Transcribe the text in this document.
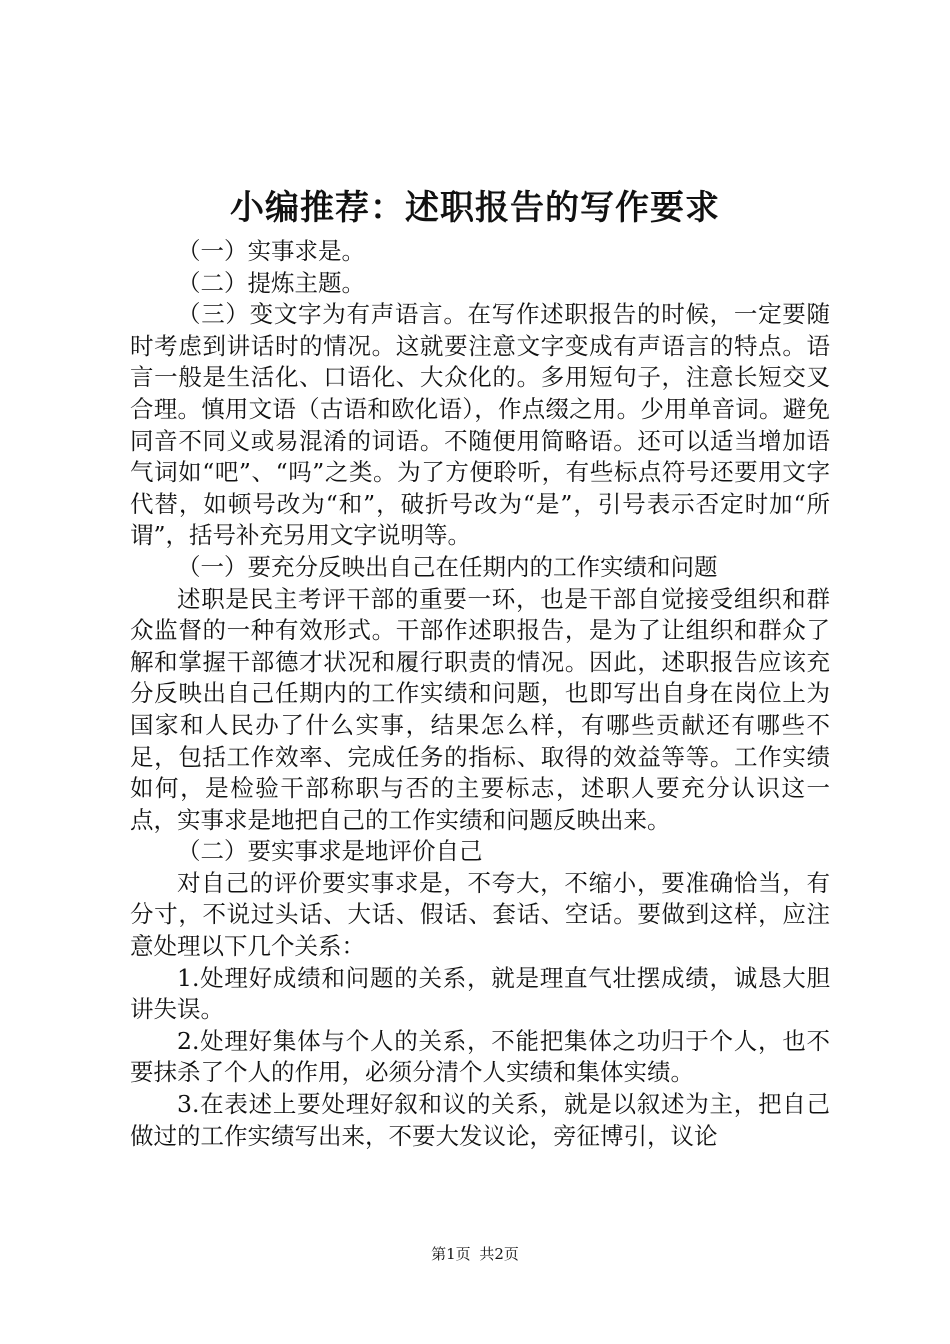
小编推荐：述职报告的写作要求

（一）实事求是。

（二）提炼主题。

（三）变文字为有声语言。在写作述职报告的时候，一定要随时考虑到讲话时的情况。这就要注意文字变成有声语言的特点。语言一般是生活化、口语化、大众化的。多用短句子，注意长短交叉合理。慎用文语（古语和欧化语），作点缀之用。少用单音词。避免同音不同义或易混淆的词语。不随便用简略语。还可以适当增加语气词如“吧”、“吗”之类。为了方便聆听，有些标点符号还要用文字代替，如顿号改为“和”，破折号改为“是”，引号表示否定时加“所谓”，括号补充另用文字说明等。

（一）要充分反映出自己在任期内的工作实绩和问题

述职是民主考评干部的重要一环，也是干部自觉接受组织和群众监督的一种有效形式。干部作述职报告，是为了让组织和群众了解和掌握干部德才状况和履行职责的情况。因此，述职报告应该充分反映出自己任期内的工作实绩和问题，也即写出自身在岗位上为国家和人民办了什么实事，结果怎么样，有哪些贡献还有哪些不足，包括工作效率、完成任务的指标、取得的效益等等。工作实绩如何，是检验干部称职与否的主要标志，述职人要充分认识这一点，实事求是地把自己的工作实绩和问题反映出来。

（二）要实事求是地评价自己

对自己的评价要实事求是，不夸大，不缩小，要准确恰当，有分寸，不说过头话、大话、假话、套话、空话。要做到这样，应注意处理以下几个关系：

1.处理好成绩和问题的关系，就是理直气壮摆成绩，诚恳大胆讲失误。

2.处理好集体与个人的关系，不能把集体之功归于个人，也不要抹杀了个人的作用，必须分清个人实绩和集体实绩。

3.在表述上要处理好叙和议的关系，就是以叙述为主，把自己做过的工作实绩写出来，不要大发议论，旁征博引，议论

第1页 共2页
